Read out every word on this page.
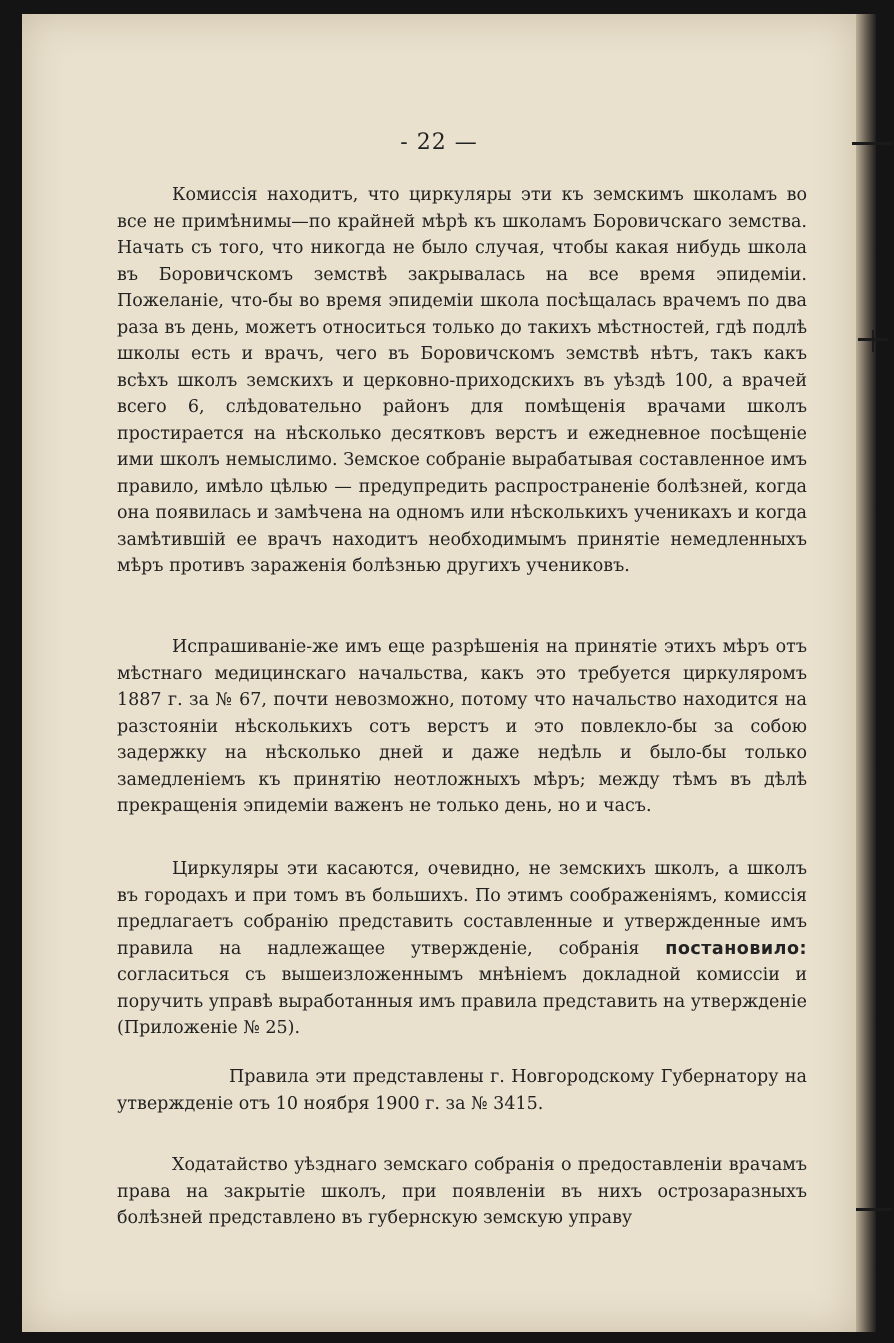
- 22 —

Комиссія находитъ, что циркуляры эти къ земскимъ школамъ во все не примѣнимы—по крайней мѣрѣ къ школамъ Боровичскаго земства. Начать съ того, что никогда не было случая, чтобы какая нибудь школа въ Боровичскомъ земствѣ закрывалась на все время эпидеміи. Пожеланіе, что-бы во время эпидеміи школа посѣщалась врачемъ по два раза въ день, можетъ относиться только до такихъ мѣстностей, гдѣ подлѣ школы есть и врачъ, чего въ Боровичскомъ земствѣ нѣтъ, такъ какъ всѣхъ школъ земскихъ и церковно-приходскихъ въ уѣздѣ 100, а врачей всего 6, слѣдовательно районъ для помѣщенія врачами школъ простирается на нѣсколько десятковъ верстъ и ежедневное посѣщеніе ими школъ немыслимо. Земское собраніе вырабатывая составленное имъ правило, имѣло цѣлью — предупредить распространеніе болѣзней, когда она появилась и замѣчена на одномъ или нѣсколькихъ ученикахъ и когда замѣтившій ее врачъ находитъ необходимымъ принятіе немедленныхъ мѣръ противъ зараженія болѣзнью другихъ учениковъ.

Испрашиваніе-же имъ еще разрѣшенія на принятіе этихъ мѣръ отъ мѣстнаго медицинскаго начальства, какъ это требуется циркуляромъ 1887 г. за № 67, почти невозможно, потому что начальство находится на разстояніи нѣсколькихъ сотъ верстъ и это повлекло-бы за собою задержку на нѣсколько дней и даже недѣль и было-бы только замедленіемъ къ принятію неотложныхъ мѣръ; между тѣмъ въ дѣлѣ прекращенія эпидеміи важенъ не только день, но и часъ.

Циркуляры эти касаются, очевидно, не земскихъ школъ, а школъ въ городахъ и при томъ въ большихъ. По этимъ соображеніямъ, комиссія предлагаетъ собранію представить составленные и утвержденные имъ правила на надлежащее утвержденіе, собранія постановило: согласиться съ вышеизложеннымъ мнѣніемъ докладной комиссіи и поручить управѣ выработанныя имъ правила представить на утвержденіе (Приложеніе № 25).

Правила эти представлены г. Новгородскому Губернатору на утвержденіе отъ 10 ноября 1900 г. за № 3415.

Ходатайство уѣзднаго земскаго собранія о предоставленіи врачамъ права на закрытіе школъ, при появленіи въ нихъ острозаразныхъ болѣзней представлено въ губернскую земскую управу
